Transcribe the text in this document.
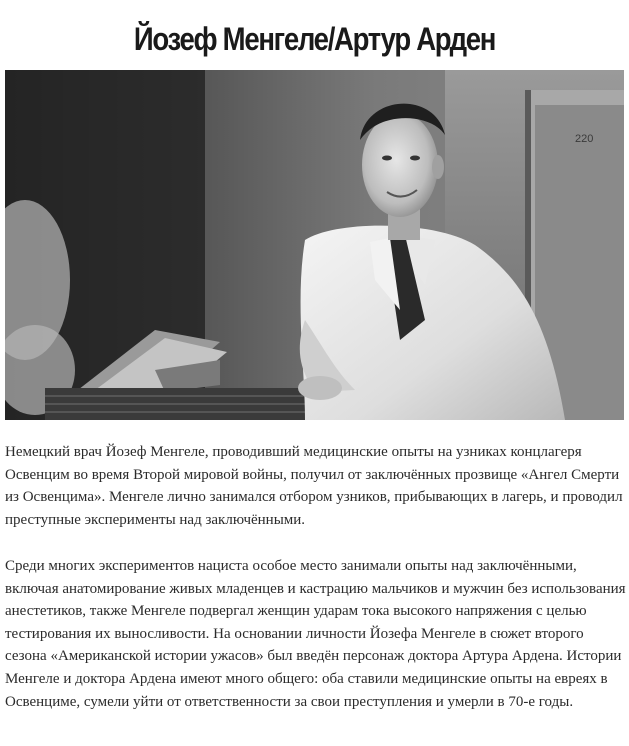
Йозеф Менгеле/Артур Арден
220

Немецкий врач Йозеф Менгеле, проводивший медицинские опыты на узниках концлагеря Освенцим во время Второй мировой войны, получил от заключённых прозвище «Ангел Смерти из Освенцима». Менгеле лично занимался отбором узников, прибывающих в лагерь, и проводил преступные эксперименты над заключёнными.

Среди многих экспериментов нациста особое место занимали опыты над заключёнными, включая анатомирование живых младенцев и кастрацию мальчиков и мужчин без использования анестетиков, также Менгеле подвергал женщин ударам тока высокого напряжения с целью тестирования их выносливости. На основании личности Йозефа Менгеле в сюжет второго сезона «Американской истории ужасов» был введён персонаж доктора Артура Ардена. Истории Менгеле и доктора Ардена имеют много общего: оба ставили медицинские опыты на евреях в Освенциме, сумели уйти от ответственности за свои преступления и умерли в 70-е годы.
